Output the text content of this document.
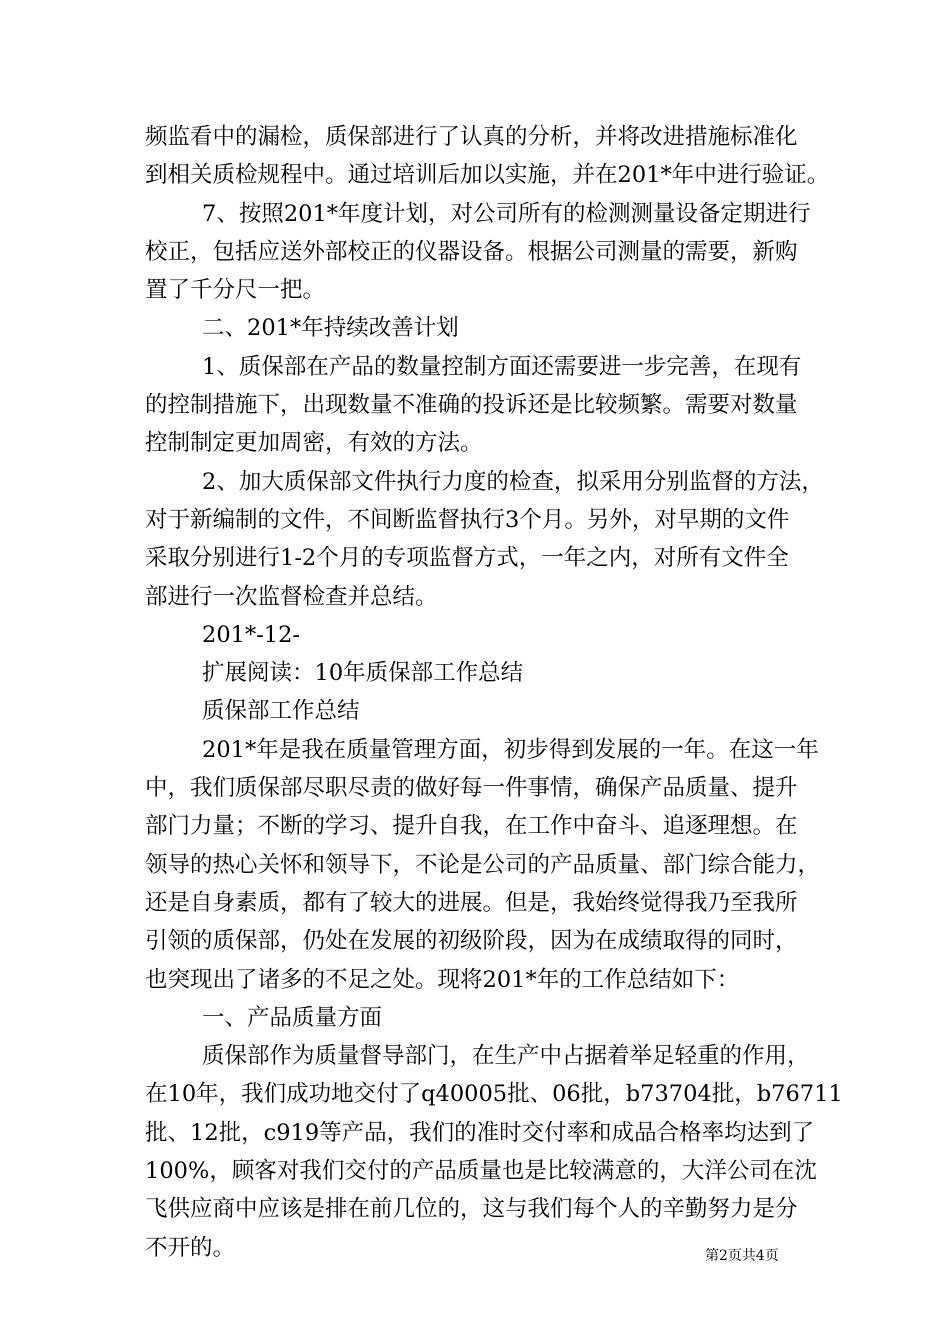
频监看中的漏检，质保部进行了认真的分析，并将改进措施标准化
到相关质检规程中。通过培训后加以实施，并在201*年中进行验证。
7、按照201*年度计划，对公司所有的检测测量设备定期进行
校正，包括应送外部校正的仪器设备。根据公司测量的需要，新购
置了千分尺一把。
二、201*年持续改善计划
1、质保部在产品的数量控制方面还需要进一步完善，在现有
的控制措施下，出现数量不准确的投诉还是比较频繁。需要对数量
控制制定更加周密，有效的方法。
2、加大质保部文件执行力度的检查，拟采用分别监督的方法，
对于新编制的文件，不间断监督执行3个月。另外，对早期的文件
采取分别进行1-2个月的专项监督方式，一年之内，对所有文件全
部进行一次监督检查并总结。
201*-12-
扩展阅读：10年质保部工作总结
质保部工作总结
201*年是我在质量管理方面，初步得到发展的一年。在这一年
中，我们质保部尽职尽责的做好每一件事情，确保产品质量、提升
部门力量；不断的学习、提升自我，在工作中奋斗、追逐理想。在
领导的热心关怀和领导下，不论是公司的产品质量、部门综合能力，
还是自身素质，都有了较大的进展。但是，我始终觉得我乃至我所
引领的质保部，仍处在发展的初级阶段，因为在成绩取得的同时，
也突现出了诸多的不足之处。现将201*年的工作总结如下：
一、产品质量方面
质保部作为质量督导部门，在生产中占据着举足轻重的作用，
在10年，我们成功地交付了q40005批、06批，b73704批，b76711
批、12批，c919等产品，我们的准时交付率和成品合格率均达到了
100%，顾客对我们交付的产品质量也是比较满意的，大洋公司在沈
飞供应商中应该是排在前几位的，这与我们每个人的辛勤努力是分
不开的。	第2页共4页
